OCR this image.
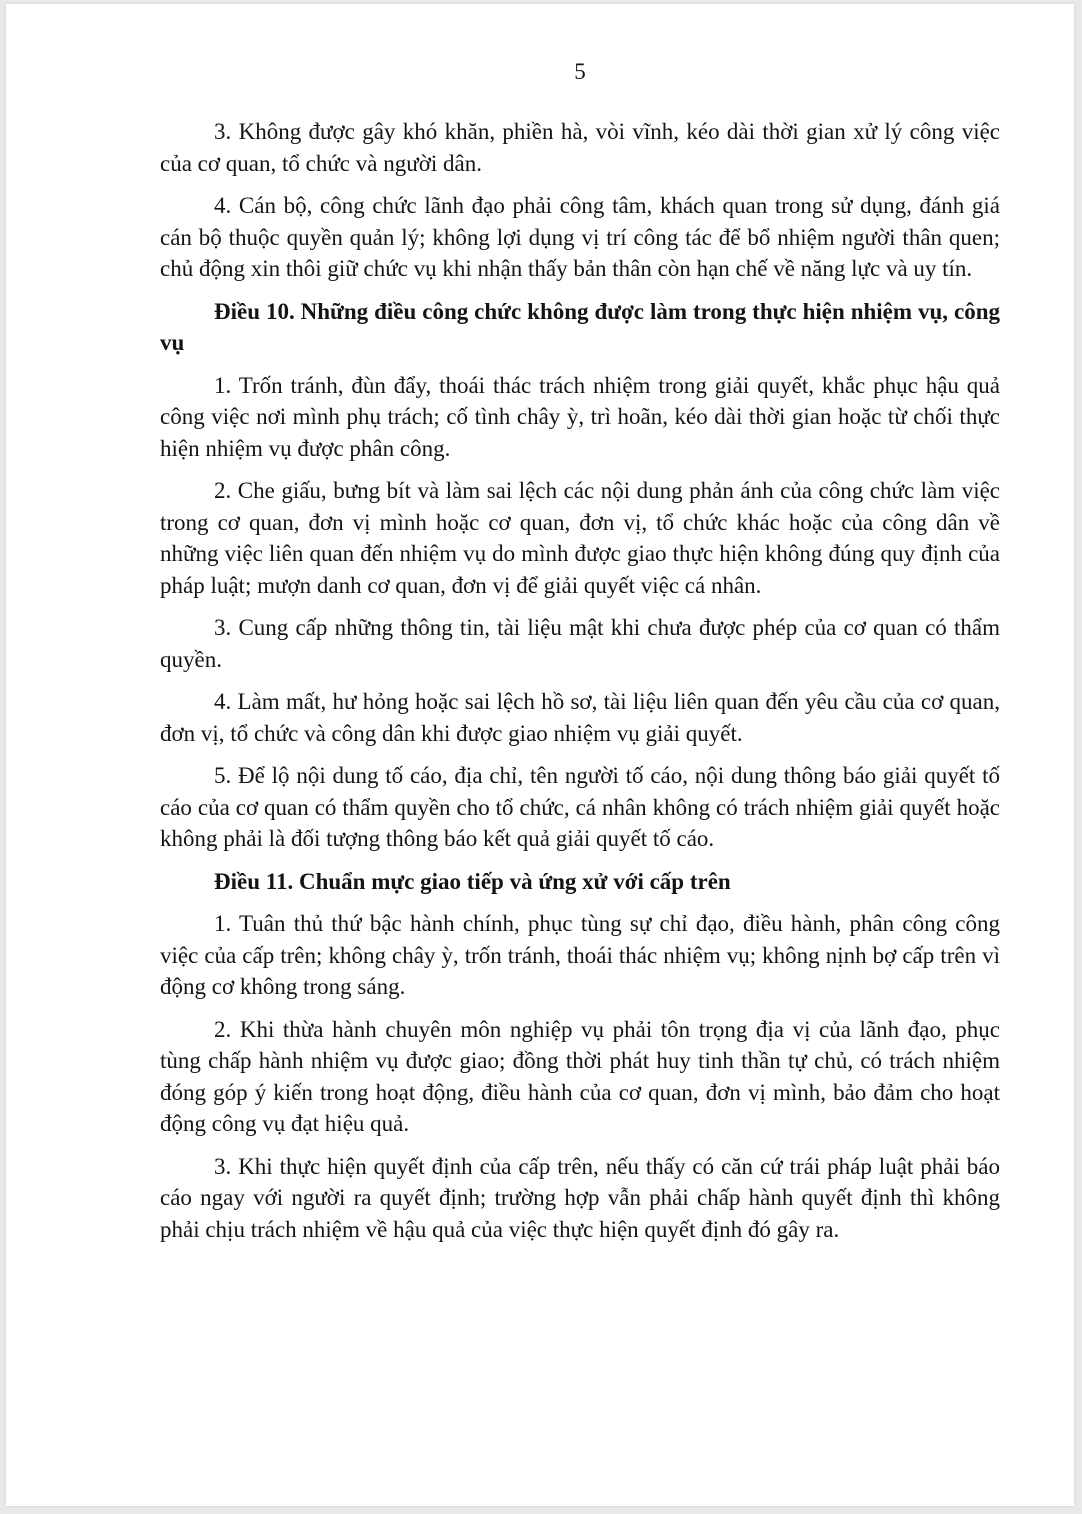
5

3. Không được gây khó khăn, phiền hà, vòi vĩnh, kéo dài thời gian xử lý công việc của cơ quan, tổ chức và người dân.

4. Cán bộ, công chức lãnh đạo phải công tâm, khách quan trong sử dụng, đánh giá cán bộ thuộc quyền quản lý; không lợi dụng vị trí công tác để bổ nhiệm người thân quen; chủ động xin thôi giữ chức vụ khi nhận thấy bản thân còn hạn chế về năng lực và uy tín.

Điều 10. Những điều công chức không được làm trong thực hiện nhiệm vụ, công vụ

1. Trốn tránh, đùn đẩy, thoái thác trách nhiệm trong giải quyết, khắc phục hậu quả công việc nơi mình phụ trách; cố tình chây ỳ, trì hoãn, kéo dài thời gian hoặc từ chối thực hiện nhiệm vụ được phân công.

2. Che giấu, bưng bít và làm sai lệch các nội dung phản ánh của công chức làm việc trong cơ quan, đơn vị mình hoặc cơ quan, đơn vị, tổ chức khác hoặc của công dân về những việc liên quan đến nhiệm vụ do mình được giao thực hiện không đúng quy định của pháp luật; mượn danh cơ quan, đơn vị để giải quyết việc cá nhân.

3. Cung cấp những thông tin, tài liệu mật khi chưa được phép của cơ quan có thẩm quyền.

4. Làm mất, hư hỏng hoặc sai lệch hồ sơ, tài liệu liên quan đến yêu cầu của cơ quan, đơn vị, tổ chức và công dân khi được giao nhiệm vụ giải quyết.

5. Để lộ nội dung tố cáo, địa chỉ, tên người tố cáo, nội dung thông báo giải quyết tố cáo của cơ quan có thẩm quyền cho tổ chức, cá nhân không có trách nhiệm giải quyết hoặc không phải là đối tượng thông báo kết quả giải quyết tố cáo.

Điều 11. Chuẩn mực giao tiếp và ứng xử với cấp trên

1. Tuân thủ thứ bậc hành chính, phục tùng sự chỉ đạo, điều hành, phân công công việc của cấp trên; không chây ỳ, trốn tránh, thoái thác nhiệm vụ; không nịnh bợ cấp trên vì động cơ không trong sáng.

2. Khi thừa hành chuyên môn nghiệp vụ phải tôn trọng địa vị của lãnh đạo, phục tùng chấp hành nhiệm vụ được giao; đồng thời phát huy tinh thần tự chủ, có trách nhiệm đóng góp ý kiến trong hoạt động, điều hành của cơ quan, đơn vị mình, bảo đảm cho hoạt động công vụ đạt hiệu quả.

3. Khi thực hiện quyết định của cấp trên, nếu thấy có căn cứ trái pháp luật phải báo cáo ngay với người ra quyết định; trường hợp vẫn phải chấp hành quyết định thì không phải chịu trách nhiệm về hậu quả của việc thực hiện quyết định đó gây ra.
